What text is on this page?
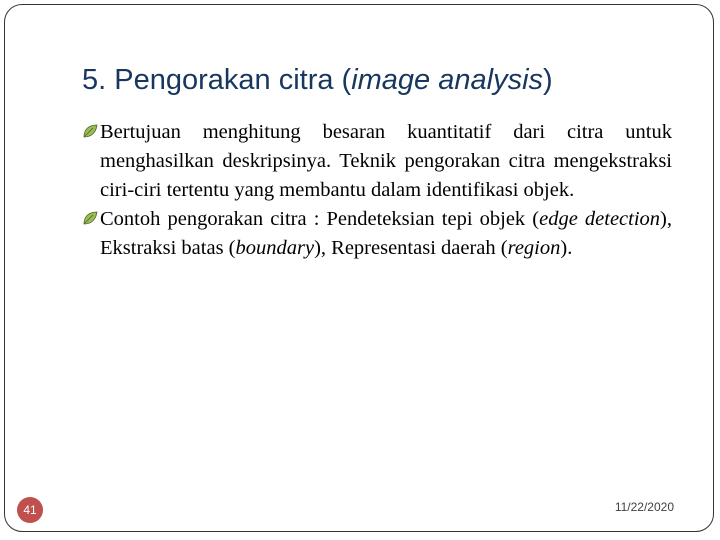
5. Pengorakan citra (image analysis)

Bertujuan menghitung besaran kuantitatif dari citra untuk menghasilkan deskripsinya. Teknik pengorakan citra mengekstraksi ciri-ciri tertentu yang membantu dalam identifikasi objek.

Contoh pengorakan citra : Pendeteksian tepi objek (edge detection), Ekstraksi batas (boundary), Representasi daerah (region).

41	11/22/2020
